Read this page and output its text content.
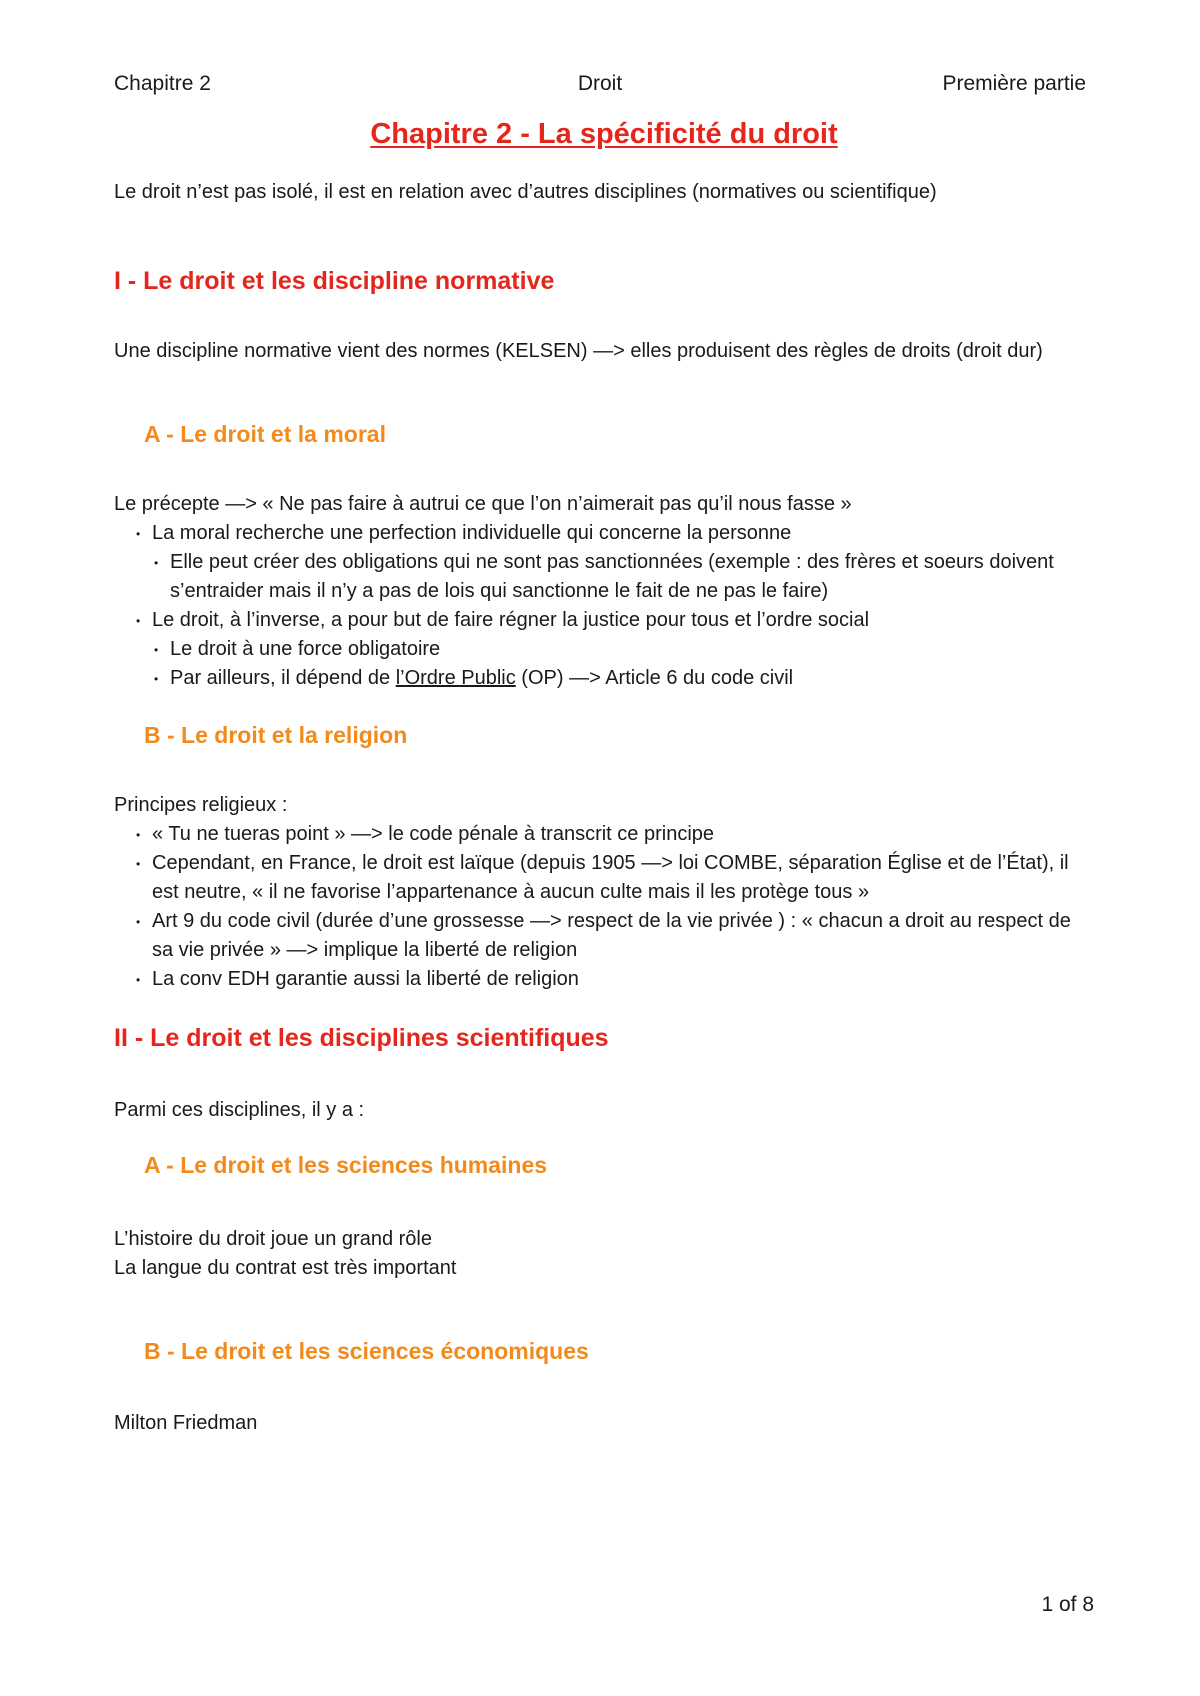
Chapitre 2	Droit	Première partie
Chapitre 2 - La spécificité du droit

Le droit n’est pas isolé, il est en relation avec d’autres disciplines (normatives ou scientifique)

I - Le droit et les discipline normative

Une discipline normative vient des normes (KELSEN) —> elles produisent des règles de droits (droit dur)

A - Le droit et la moral

Le précepte —> « Ne pas faire à autrui ce que l’on n’aimerait pas qu’il nous fasse »

• La moral recherche une perfection individuelle qui concerne la personne
• Elle peut créer des obligations qui ne sont pas sanctionnées (exemple : des frères et soeurs doivent s’entraider mais il n’y a pas de lois qui sanctionne le fait de ne pas le faire)
• Le droit, à l’inverse, a pour but de faire régner la justice pour tous et l’ordre social
• Le droit à une force obligatoire
• Par ailleurs, il dépend de l’Ordre Public (OP) —> Article 6 du code civil
B - Le droit et la religion

Principes religieux :

• « Tu ne tueras point » —> le code pénale à transcrit ce principe
• Cependant, en France, le droit est laïque (depuis 1905 —> loi COMBE, séparation Église et de l’État), il est neutre, « il ne favorise l’appartenance à aucun culte mais il les protège tous »
• Art 9 du code civil (durée d’une grossesse —> respect de la vie privée ) : « chacun a droit au respect de sa vie privée » —> implique la liberté de religion
• La conv EDH garantie aussi la liberté de religion
II - Le droit et les disciplines scientifiques

Parmi ces disciplines, il y a :

A - Le droit et les sciences humaines

L’histoire du droit joue un grand rôle

La langue du contrat est très important

B - Le droit et les sciences économiques

Milton Friedman

1 of 8
